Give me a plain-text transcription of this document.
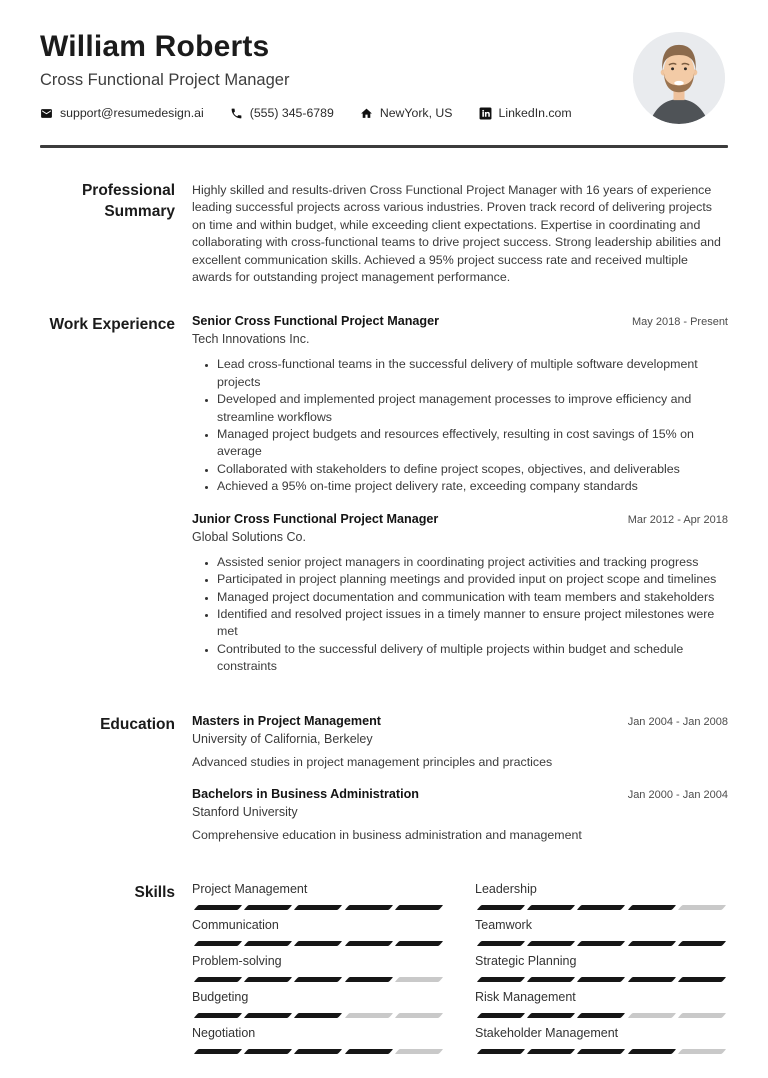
William Roberts
Cross Functional Project Manager
support@resumedesign.ai	(555) 345-6789	NewYork, US	LinkedIn.com
Professional Summary

Highly skilled and results-driven Cross Functional Project Manager with 16 years of experience leading successful projects across various industries. Proven track record of delivering projects on time and within budget, while exceeding client expectations. Expertise in coordinating and collaborating with cross-functional teams to drive project success. Strong leadership abilities and excellent communication skills. Achieved a 95% project success rate and received multiple awards for outstanding project management performance.

Work Experience Senior Cross Functional Project Manager	May 2018 - Present
Tech Innovations Inc.
• Lead cross-functional teams in the successful delivery of multiple software development projects
• Developed and implemented project management processes to improve efficiency and streamline workflows
• Managed project budgets and resources effectively, resulting in cost savings of 15% on average
• Collaborated with stakeholders to define project scopes, objectives, and deliverables
• Achieved a 95% on-time project delivery rate, exceeding company standards
Junior Cross Functional Project Manager	Mar 2012 - Apr 2018
Global Solutions Co.
• Assisted senior project managers in coordinating project activities and tracking progress
• Participated in project planning meetings and provided input on project scope and timelines
• Managed project documentation and communication with team members and stakeholders
• Identified and resolved project issues in a timely manner to ensure project milestones were met
• Contributed to the successful delivery of multiple projects within budget and schedule constraints
Education Masters in Project Management	Jan 2004 - Jan 2008
University of California, Berkeley
Advanced studies in project management principles and practices
Bachelors in Business Administration	Jan 2000 - Jan 2004
Stanford University
Comprehensive education in business administration and management
Skills Project Management	Leadership
Communication	Teamwork
Problem-solving	Strategic Planning
Budgeting	Risk Management
Negotiation	Stakeholder Management
